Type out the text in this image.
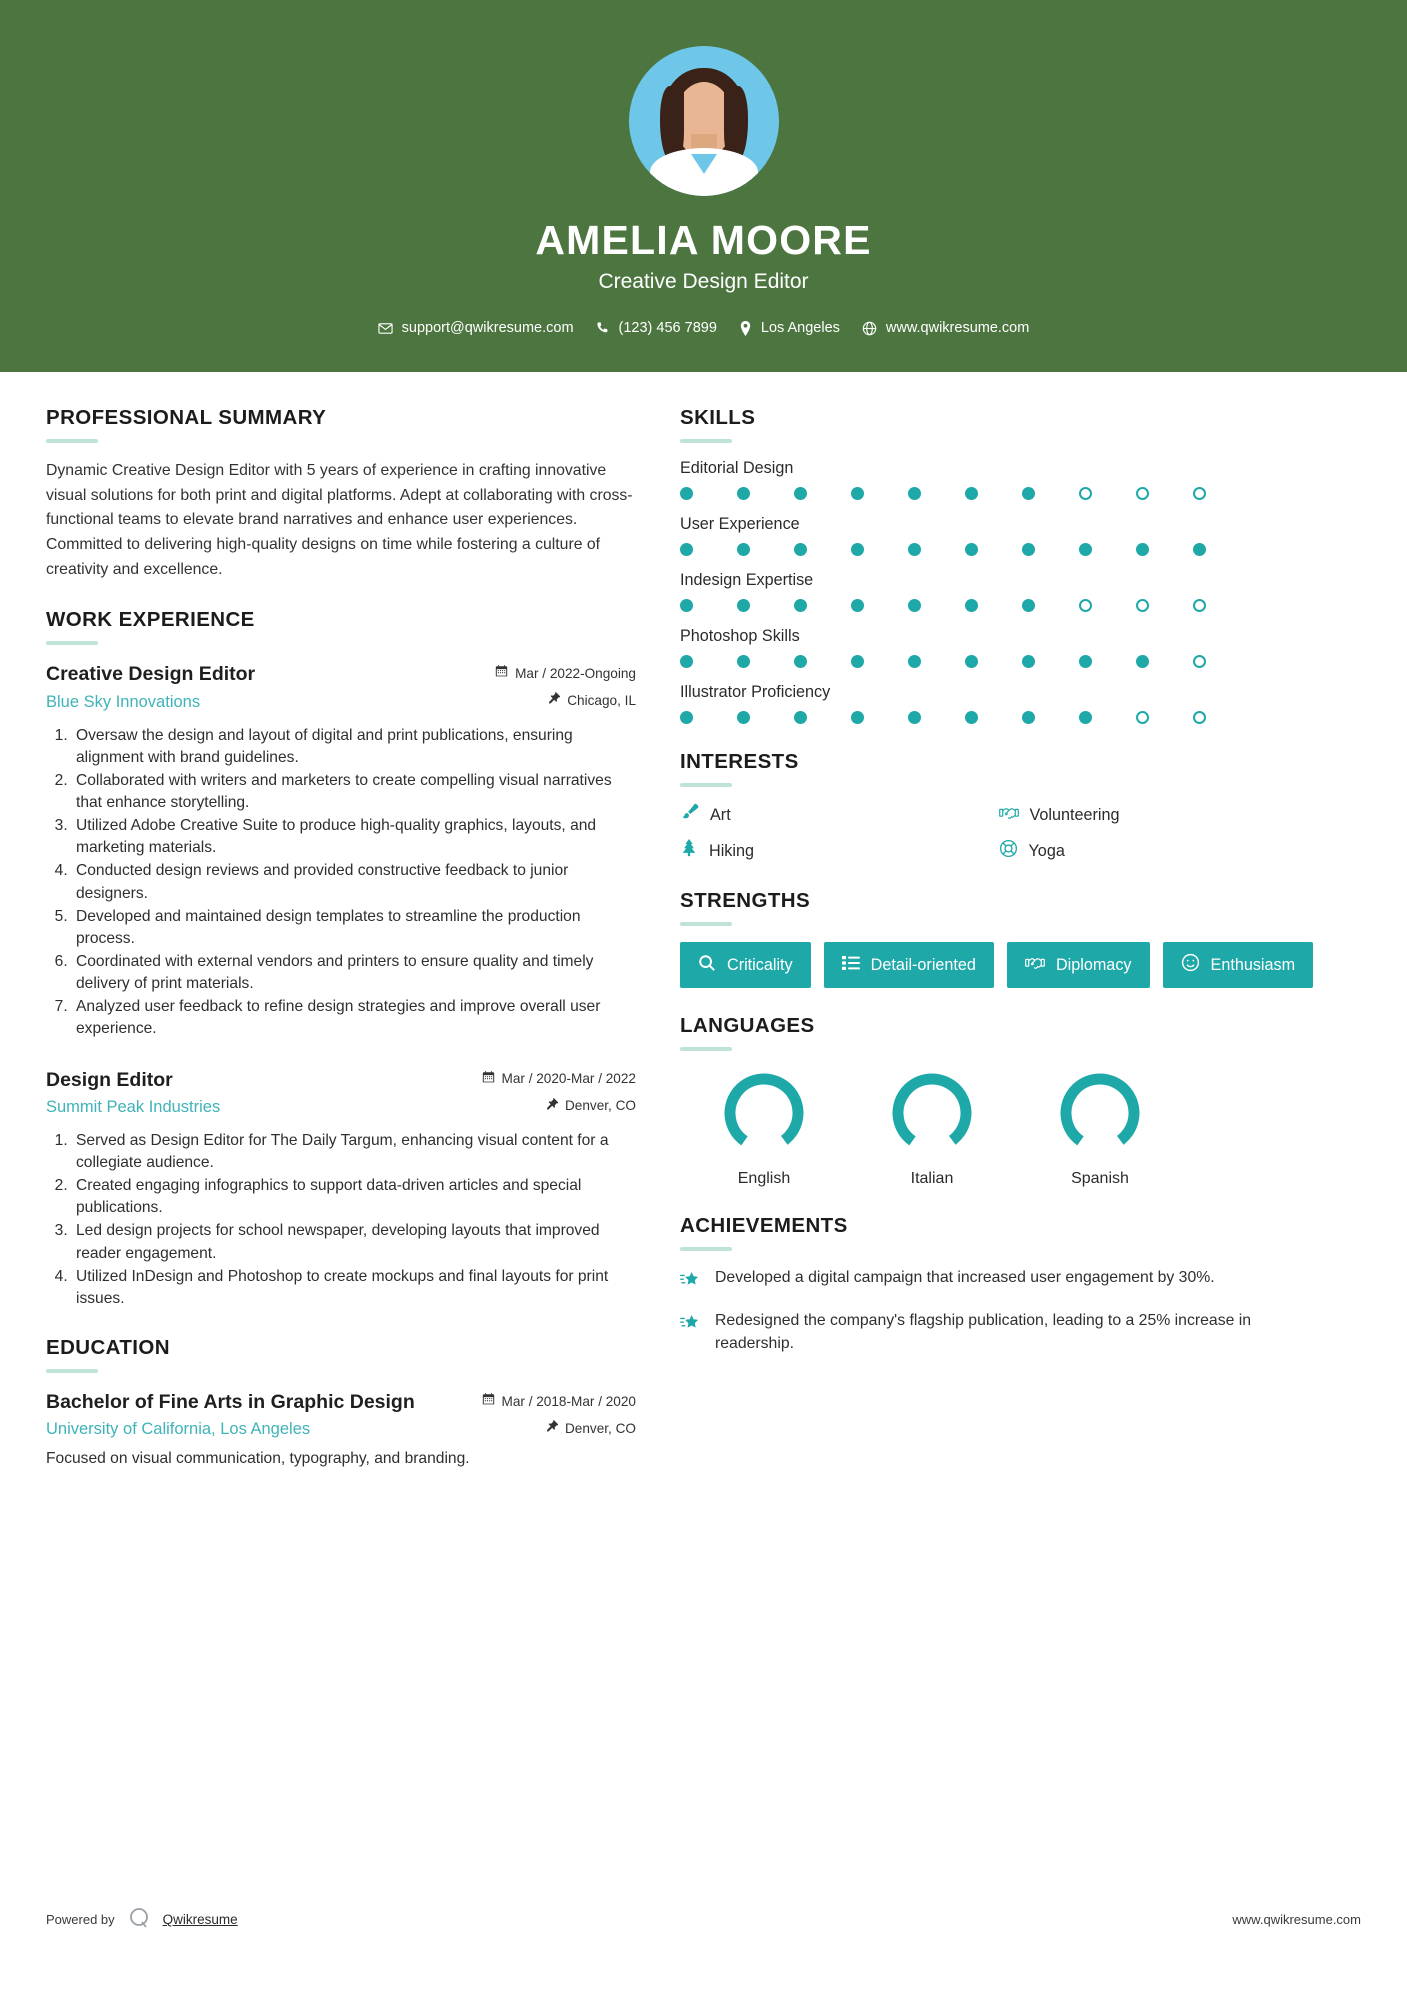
AMELIA MOORE
Creative Design Editor
support@qwikresume.com	(123) 456 7899	Los Angeles	www.qwikresume.com
PROFESSIONAL SUMMARY
Dynamic Creative Design Editor with 5 years of experience in crafting innovative visual solutions for both print and digital platforms. Adept at collaborating with cross-functional teams to elevate brand narratives and enhance user experiences. Committed to delivering high-quality designs on time while fostering a culture of creativity and excellence.
WORK EXPERIENCE
Creative Design Editor
Blue Sky Innovations
Mar / 2022-Ongoing
Chicago, IL
1. Oversaw the design and layout of digital and print publications, ensuring alignment with brand guidelines.
2. Collaborated with writers and marketers to create compelling visual narratives that enhance storytelling.
3. Utilized Adobe Creative Suite to produce high-quality graphics, layouts, and marketing materials.
4. Conducted design reviews and provided constructive feedback to junior designers.
5. Developed and maintained design templates to streamline the production process.
6. Coordinated with external vendors and printers to ensure quality and timely delivery of print materials.
7. Analyzed user feedback to refine design strategies and improve overall user experience.
Design Editor
Summit Peak Industries
Mar / 2020-Mar / 2022
Denver, CO
1. Served as Design Editor for The Daily Targum, enhancing visual content for a collegiate audience.
2. Created engaging infographics to support data-driven articles and special publications.
3. Led design projects for school newspaper, developing layouts that improved reader engagement.
4. Utilized InDesign and Photoshop to create mockups and final layouts for print issues.
EDUCATION
Bachelor of Fine Arts in Graphic Design
University of California, Los Angeles
Mar / 2018-Mar / 2020
Denver, CO
Focused on visual communication, typography, and branding.
SKILLS
Editorial Design
User Experience
Indesign Expertise
Photoshop Skills
Illustrator Proficiency
INTERESTS
Art	Volunteering
Hiking	Yoga
STRENGTHS
Criticality	Detail-oriented	Diplomacy	Enthusiasm
LANGUAGES
English	Italian	Spanish
ACHIEVEMENTS
Developed a digital campaign that increased user engagement by 30%.
Redesigned the company's flagship publication, leading to a 25% increase in readership.
Powered by	Qwikresume	www.qwikresume.com
